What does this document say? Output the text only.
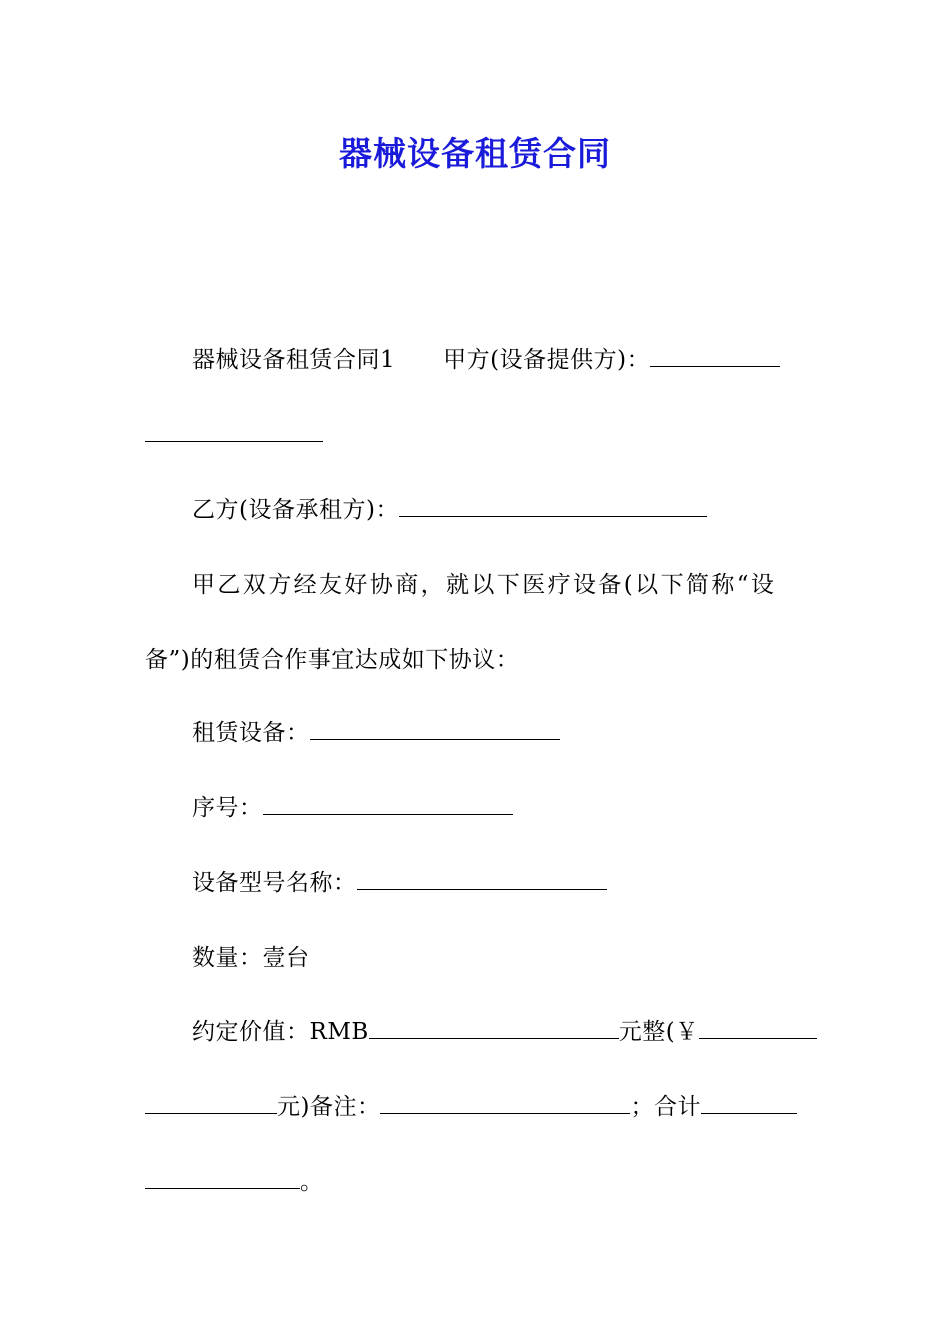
器械设备租赁合同
器械设备租赁合同1 甲方(设备提供方)：
乙方(设备承租方)：
甲乙双方经友好协商，就以下医疗设备(以下简称“设
备”)的租赁合作事宜达成如下协议：
租赁设备：
序号：
设备型号名称：
数量：壹台
约定价值：RMB	元整(￥
元)备注：	；合计
。
